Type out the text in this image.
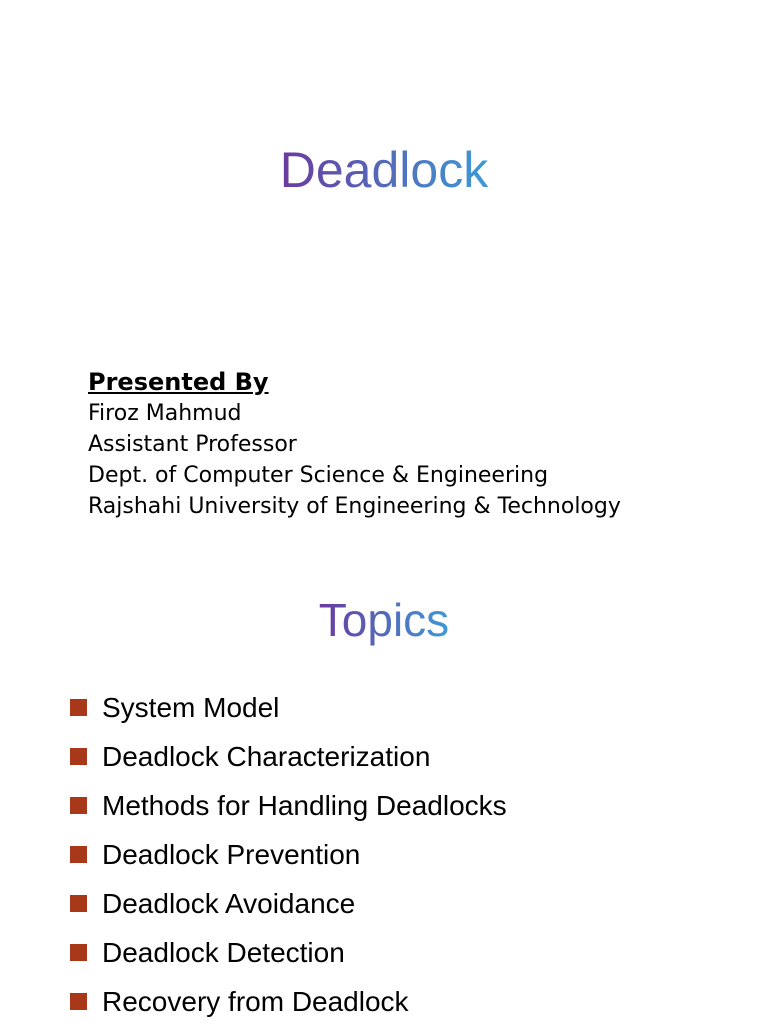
Deadlock

Presented By

Firoz Mahmud

Assistant Professor

Dept. of Computer Science & Engineering

Rajshahi University of Engineering & Technology

Topics
System Model
Deadlock Characterization
Methods for Handling Deadlocks
Deadlock Prevention
Deadlock Avoidance
Deadlock Detection
Recovery from Deadlock
